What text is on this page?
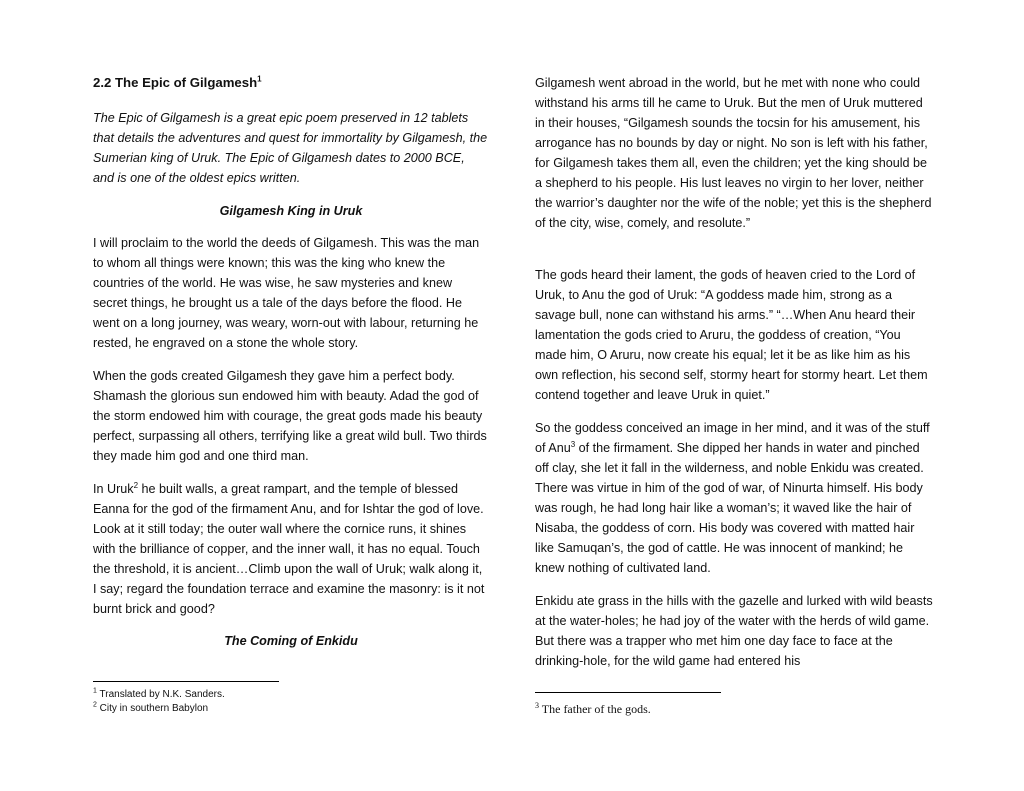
2.2 The Epic of Gilgamesh$^1$

The Epic of Gilgamesh is a great epic poem preserved in 12 tablets that details the adventures and quest for immortality by Gilgamesh, the Sumerian king of Uruk. The Epic of Gilgamesh dates to 2000 BCE, and is one of the oldest epics written.

Gilgamesh King in Uruk

I will proclaim to the world the deeds of Gilgamesh. This was the man to whom all things were known; this was the king who knew the countries of the world. He was wise, he saw mysteries and knew secret things, he brought us a tale of the days before the flood. He went on a long journey, was weary, worn-out with labour, returning he rested, he engraved on a stone the whole story.

When the gods created Gilgamesh they gave him a perfect body. Shamash the glorious sun endowed him with beauty. Adad the god of the storm endowed him with courage, the great gods made his beauty perfect, surpassing all others, terrifying like a great wild bull. Two thirds they made him god and one third man.

In Uruk$^2$ he built walls, a great rampart, and the temple of blessed Eanna for the god of the firmament Anu, and for Ishtar the god of love. Look at it still today; the outer wall where the cornice runs, it shines with the brilliance of copper, and the inner wall, it has no equal. Touch the threshold, it is ancient…Climb upon the wall of Uruk; walk along it, I say; regard the foundation terrace and examine the masonry: is it not burnt brick and good?

The Coming of Enkidu

$^1$ Translated by N.K. Sanders.
$^2$ City in southern Babylon

Gilgamesh went abroad in the world, but he met with none who could withstand his arms till he came to Uruk. But the men of Uruk muttered in their houses, “Gilgamesh sounds the tocsin for his amusement, his arrogance has no bounds by day or night. No son is left with his father, for Gilgamesh takes them all, even the children; yet the king should be a shepherd to his people. His lust leaves no virgin to her lover, neither the warrior’s daughter nor the wife of the noble; yet this is the shepherd of the city, wise, comely, and resolute.”

The gods heard their lament, the gods of heaven cried to the Lord of Uruk, to Anu the god of Uruk: “A goddess made him, strong as a savage bull, none can withstand his arms.” “…When Anu heard their lamentation the gods cried to Aruru, the goddess of creation, “You made him, O Aruru, now create his equal; let it be as like him as his own reflection, his second self, stormy heart for stormy heart. Let them contend together and leave Uruk in quiet.”

So the goddess conceived an image in her mind, and it was of the stuff of Anu$^3$ of the firmament. She dipped her hands in water and pinched off clay, she let it fall in the wilderness, and noble Enkidu was created. There was virtue in him of the god of war, of Ninurta himself. His body was rough, he had long hair like a woman’s; it waved like the hair of Nisaba, the goddess of corn. His body was covered with matted hair like Samuqan’s, the god of cattle. He was innocent of mankind; he knew nothing of cultivated land.

Enkidu ate grass in the hills with the gazelle and lurked with wild beasts at the water-holes; he had joy of the water with the herds of wild game. But there was a trapper who met him one day face to face at the drinking-hole, for the wild game had entered his

$^3$ The father of the gods.
